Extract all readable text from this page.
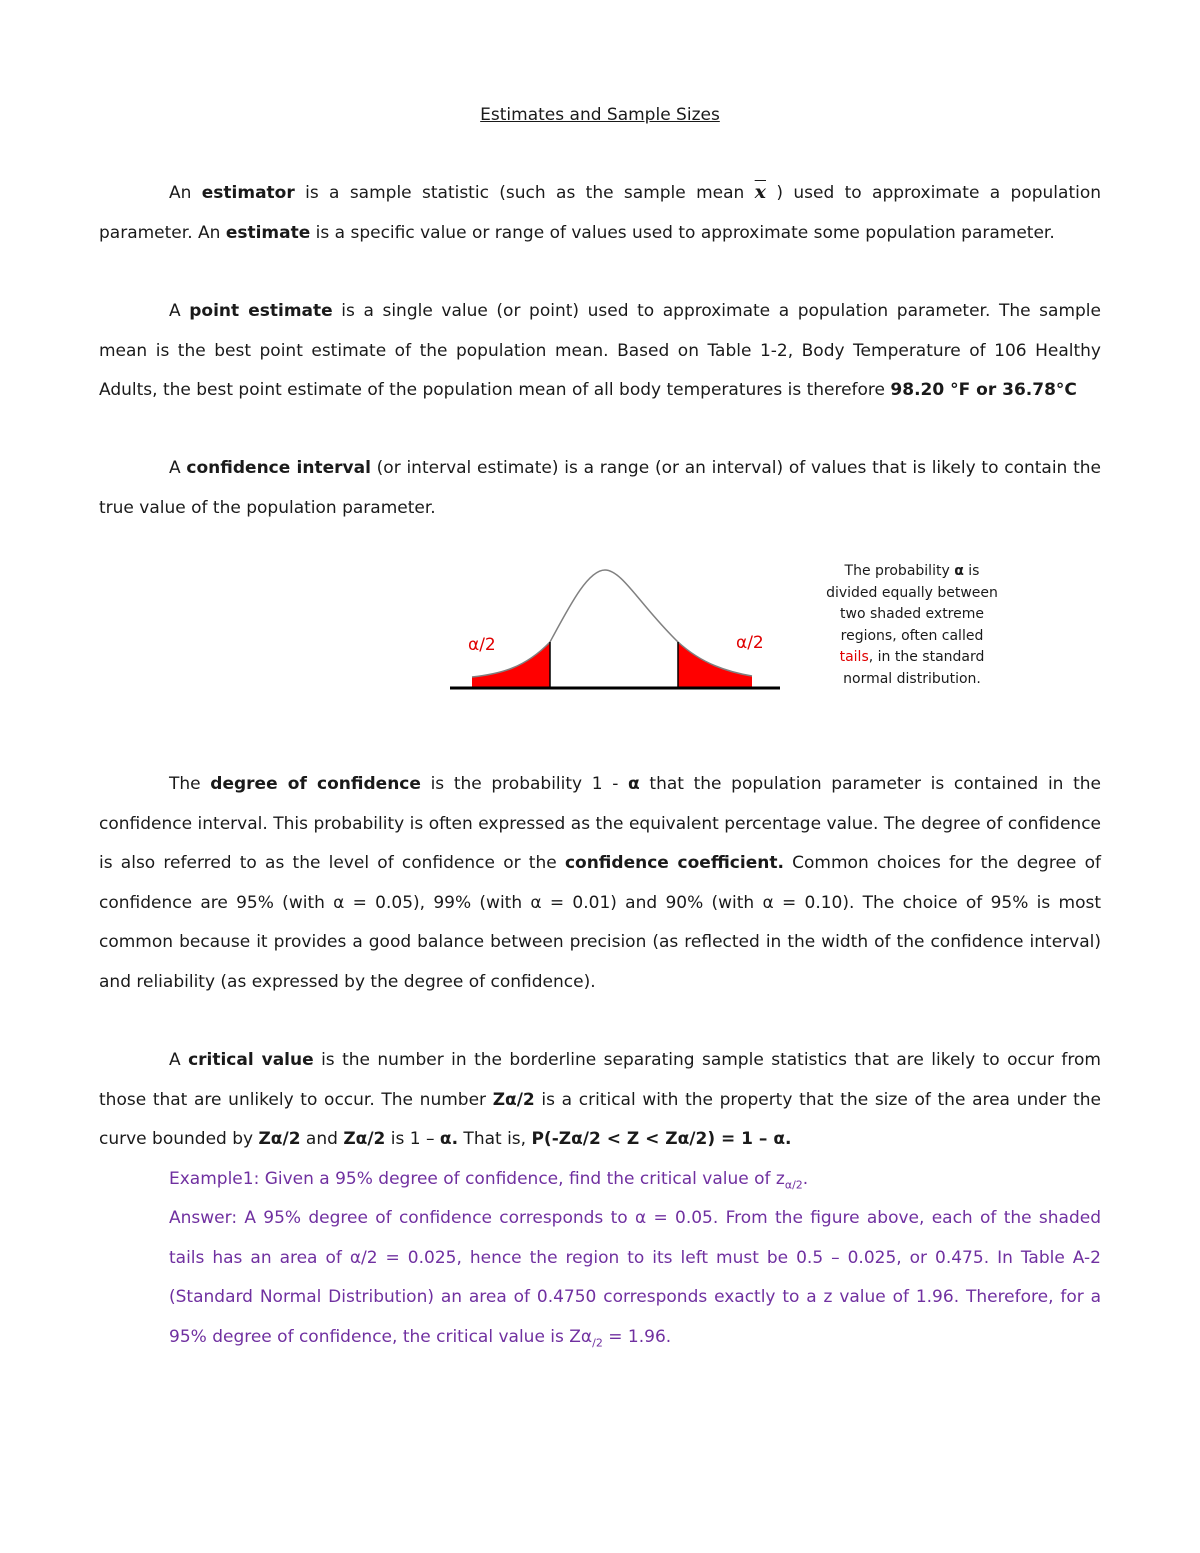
Estimates and Sample Sizes

An estimator is a sample statistic (such as the sample mean $\overline{x}$ ) used to approximate a population parameter. An estimate is a specific value or range of values used to approximate some population parameter.

A point estimate is a single value (or point) used to approximate a population parameter. The sample mean is the best point estimate of the population mean. Based on Table 1-2, Body Temperature of 106 Healthy Adults, the best point estimate of the population mean of all body temperatures is therefore 98.20 °F or 36.78°C

A confidence interval (or interval estimate) is a range (or an interval) of values that is likely to contain the true value of the population parameter.

α/2	α/2
The probability α is divided equally between two shaded extreme regions, often called tails, in the standard normal distribution.

The degree of confidence is the probability 1 - α that the population parameter is contained in the confidence interval. This probability is often expressed as the equivalent percentage value. The degree of confidence is also referred to as the level of confidence or the confidence coefficient. Common choices for the degree of confidence are 95% (with α = 0.05), 99% (with α = 0.01) and 90% (with α = 0.10). The choice of 95% is most common because it provides a good balance between precision (as reflected in the width of the confidence interval) and reliability (as expressed by the degree of confidence).

A critical value is the number in the borderline separating sample statistics that are likely to occur from those that are unlikely to occur. The number Zα/2 is a critical with the property that the size of the area under the curve bounded by Zα/2 and Zα/2 is 1 – α. That is, P(-Zα/2 < Z < Zα/2) = 1 – α.

Example1: Given a 95% degree of confidence, find the critical value of $z_{\alpha/2}$.

Answer: A 95% degree of confidence corresponds to α = 0.05. From the figure above, each of the shaded tails has an area of α/2 = 0.025, hence the region to its left must be 0.5 – 0.025, or 0.475. In Table A-2 (Standard Normal Distribution) an area of 0.4750 corresponds exactly to a z value of 1.96. Therefore, for a 95% degree of confidence, the critical value is $Z\alpha_{/2} = 1.96$.
